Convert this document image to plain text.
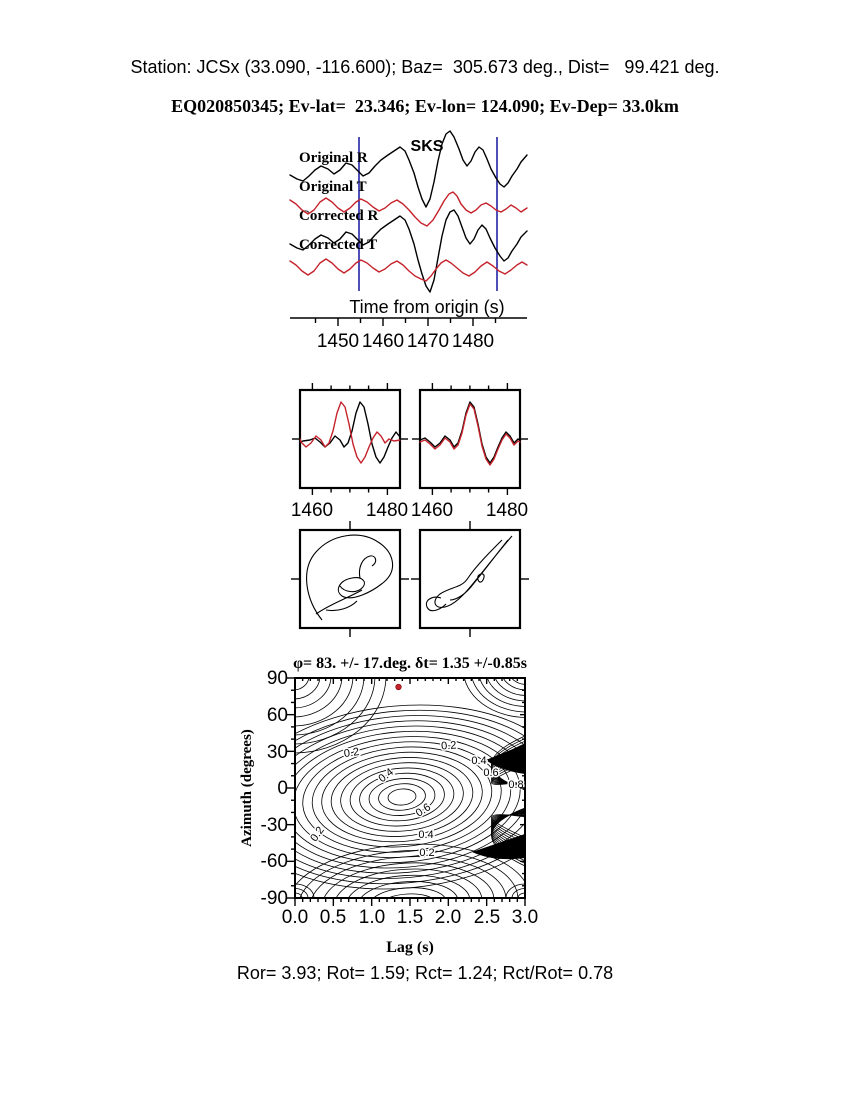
Station: JCSx (33.090, -116.600); Baz=  305.673 deg., Dist=   99.421 deg.
EQ020850345; Ev-lat=  23.346; Ev-lon= 124.090; Ev-Dep= 33.0km
SKS
Original R
Original T
Corrected R
Corrected T
Time from origin (s)
1450 1460 1470 1480
1460 1480 1460 1480
φ= 83. +/- 17.deg. δt= 1.35 +/-0.85s
0.2
0.2
0.4
0.6
0.8
0.4
0.6
0.4
0.2
0.2
90
60
30
0
-30
-60
-90
0.0 0.5 1.0 1.5 2.0 2.5 3.0
Azimuth (degrees)
Lag (s)
Ror= 3.93; Rot= 1.59; Rct= 1.24; Rct/Rot= 0.78
